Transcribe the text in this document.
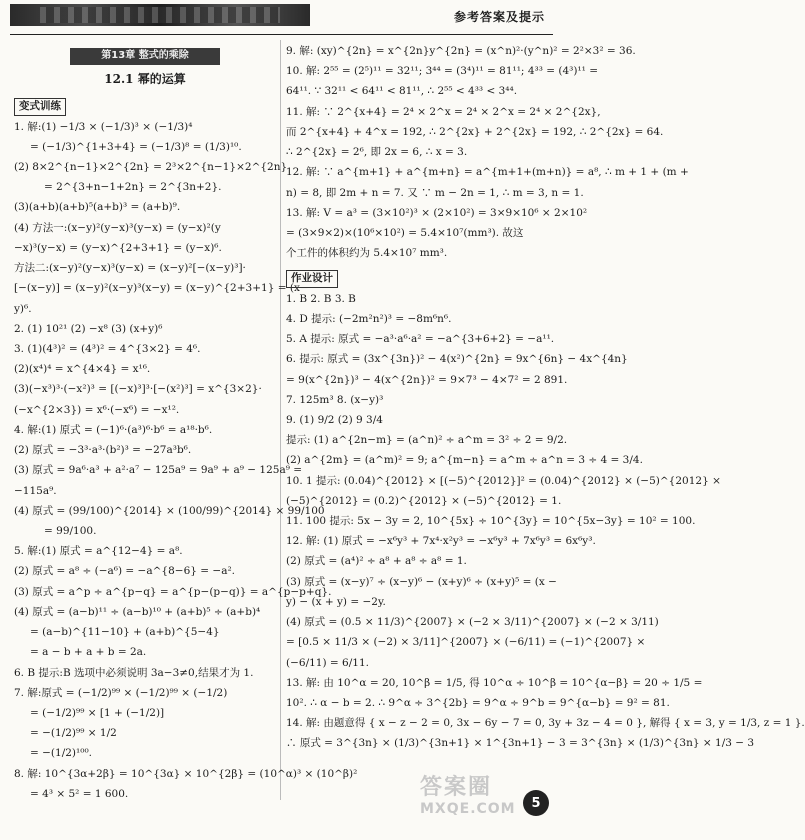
参考答案及提示
第13章 整式的乘除
12.1 幂的运算
变式训练
1. 解:(1) −1/3 × (−1/3)³ × (−1/3)⁴
= (−1/3)^{1+3+4} = (−1/3)⁸ = (1/3)¹⁰.
(2) 8×2^{n−1}×2^{2n} = 2³×2^{n−1}×2^{2n}
= 2^{3+n−1+2n} = 2^{3n+2}.
(3)(a+b)(a+b)⁵(a+b)³ = (a+b)⁹.
(4) 方法一:(x−y)²(y−x)³(y−x) = (y−x)²(y
−x)³(y−x) = (y−x)^{2+3+1} = (y−x)⁶.
方法二:(x−y)²(y−x)³(y−x) = (x−y)²[−(x−y)³]·
[−(x−y)] = (x−y)²(x−y)³(x−y) = (x−y)^{2+3+1} = (x−
y)⁶.
2. (1) 10²¹ (2) −x⁸ (3) (x+y)⁶
3. (1)(4³)² = (4³)² = 4^{3×2} = 4⁶.
(2)(x⁴)⁴ = x^{4×4} = x¹⁶.
(3)(−x³)³·(−x²)³ = [(−x)³]³·[−(x²)³] = x^{3×2}·
(−x^{2×3}) = x⁶·(−x⁶) = −x¹².
4. 解:(1) 原式 = (−1)⁶·(a³)⁶·b⁶ = a¹⁸·b⁶.
(2) 原式 = −3³·a³·(b²)³ = −27a³b⁶.
(3) 原式 = 9a⁶·a³ + a²·a⁷ − 125a⁹ = 9a⁹ + a⁹ − 125a⁹ =
−115a⁹.
(4) 原式 = (99/100)^{2014} × (100/99)^{2014} × 99/100
= 99/100.
5. 解:(1) 原式 = a^{12−4} = a⁸.
(2) 原式 = a⁸ ÷ (−a⁶) = −a^{8−6} = −a².
(3) 原式 = a^p ÷ a^{p−q} = a^{p−(p−q)} = a^{p−p+q}.
(4) 原式 = (a−b)¹¹ ÷ (a−b)¹⁰ + (a+b)⁵ ÷ (a+b)⁴
= (a−b)^{11−10} + (a+b)^{5−4}
= a − b + a + b = 2a.
6. B 提示:B 选项中必须说明 3a−3≠0,结果才为 1.
7. 解:原式 = (−1/2)⁹⁹ × (−1/2)⁹⁹ × (−1/2)
= (−1/2)⁹⁹ × [1 + (−1/2)]
= −(1/2)⁹⁹ × 1/2
= −(1/2)¹⁰⁰.
8. 解: 10^{3α+2β} = 10^{3α} × 10^{2β} = (10^α)³ × (10^β)²
= 4³ × 5² = 1 600.
9. 解: (xy)^{2n} = x^{2n}y^{2n} = (x^n)²·(y^n)² = 2²×3² = 36.
10. 解: 2⁵⁵ = (2⁵)¹¹ = 32¹¹; 3⁴⁴ = (3⁴)¹¹ = 81¹¹; 4³³ = (4³)¹¹ =
64¹¹. ∵ 32¹¹ < 64¹¹ < 81¹¹, ∴ 2⁵⁵ < 4³³ < 3⁴⁴.
11. 解: ∵ 2^{x+4} = 2⁴ × 2^x = 2⁴ × 2^x = 2⁴ × 2^{2x},
而 2^{x+4} + 4^x = 192, ∴ 2^{2x} + 2^{2x} = 192, ∴ 2^{2x} = 64.
∴ 2^{2x} = 2⁶, 即 2x = 6, ∴ x = 3.
12. 解: ∵ a^{m+1} + a^{m+n} = a^{m+1+(m+n)} = a⁸, ∴ m + 1 + (m +
n) = 8, 即 2m + n = 7. 又 ∵ m − 2n = 1, ∴ m = 3, n = 1.
13. 解: V = a³ = (3×10²)³ × (2×10²) = 3×9×10⁶ × 2×10²
= (3×9×2)×(10⁶×10²) = 5.4×10⁷(mm³). 故这
个工件的体积约为 5.4×10⁷ mm³.
作业设计
1. B 2. B 3. B
4. D 提示: (−2m²n²)³ = −8m⁶n⁶.
5. A 提示: 原式 = −a³·a⁶·a² = −a^{3+6+2} = −a¹¹.
6. 提示: 原式 = (3x^{3n})² − 4(x²)^{2n} = 9x^{6n} − 4x^{4n}
= 9(x^{2n})³ − 4(x^{2n})² = 9×7³ − 4×7² = 2 891.
7. 125m³ 8. (x−y)³
9. (1) 9/2 (2) 9 3/4
提示: (1) a^{2n−m} = (a^n)² ÷ a^m = 3² ÷ 2 = 9/2.
(2) a^{2m} = (a^m)² = 9; a^{m−n} = a^m ÷ a^n = 3 ÷ 4 = 3/4.
10. 1 提示: (0.04)^{2012} × [(−5)^{2012}]² = (0.04)^{2012} × (−5)^{2012} ×
(−5)^{2012} = (0.2)^{2012} × (−5)^{2012} = 1.
11. 100 提示: 5x − 3y = 2, 10^{5x} ÷ 10^{3y} = 10^{5x−3y} = 10² = 100.
12. 解: (1) 原式 = −x⁶y³ + 7x⁴·x²y³ = −x⁶y³ + 7x⁶y³ = 6x⁶y³.
(2) 原式 = (a⁴)² ÷ a⁸ + a⁸ ÷ a⁸ = 1.
(3) 原式 = (x−y)⁷ ÷ (x−y)⁶ − (x+y)⁶ ÷ (x+y)⁵ = (x −
y) − (x + y) = −2y.
(4) 原式 = (0.5 × 11/3)^{2007} × (−2 × 3/11)^{2007} × (−2 × 3/11)
= [0.5 × 11/3 × (−2) × 3/11]^{2007} × (−6/11) = (−1)^{2007} ×
(−6/11) = 6/11.
13. 解: 由 10^α = 20, 10^β = 1/5, 得 10^α ÷ 10^β = 10^{α−β} = 20 ÷ 1/5 =
10². ∴ α − b = 2. ∴ 9^α ÷ 3^{2b} = 9^α ÷ 9^b = 9^{α−b} = 9² = 81.
14. 解: 由题意得 { x − z − 2 = 0, 3x − 6y − 7 = 0, 3y + 3z − 4 = 0 }, 解得 { x = 3, y = 1/3, z = 1 }.
∴ 原式 = 3^{3n} × (1/3)^{3n+1} × 1^{3n+1} − 3 = 3^{3n} × (1/3)^{3n} × 1/3 − 3
答案圈
MXQE.COM	5
